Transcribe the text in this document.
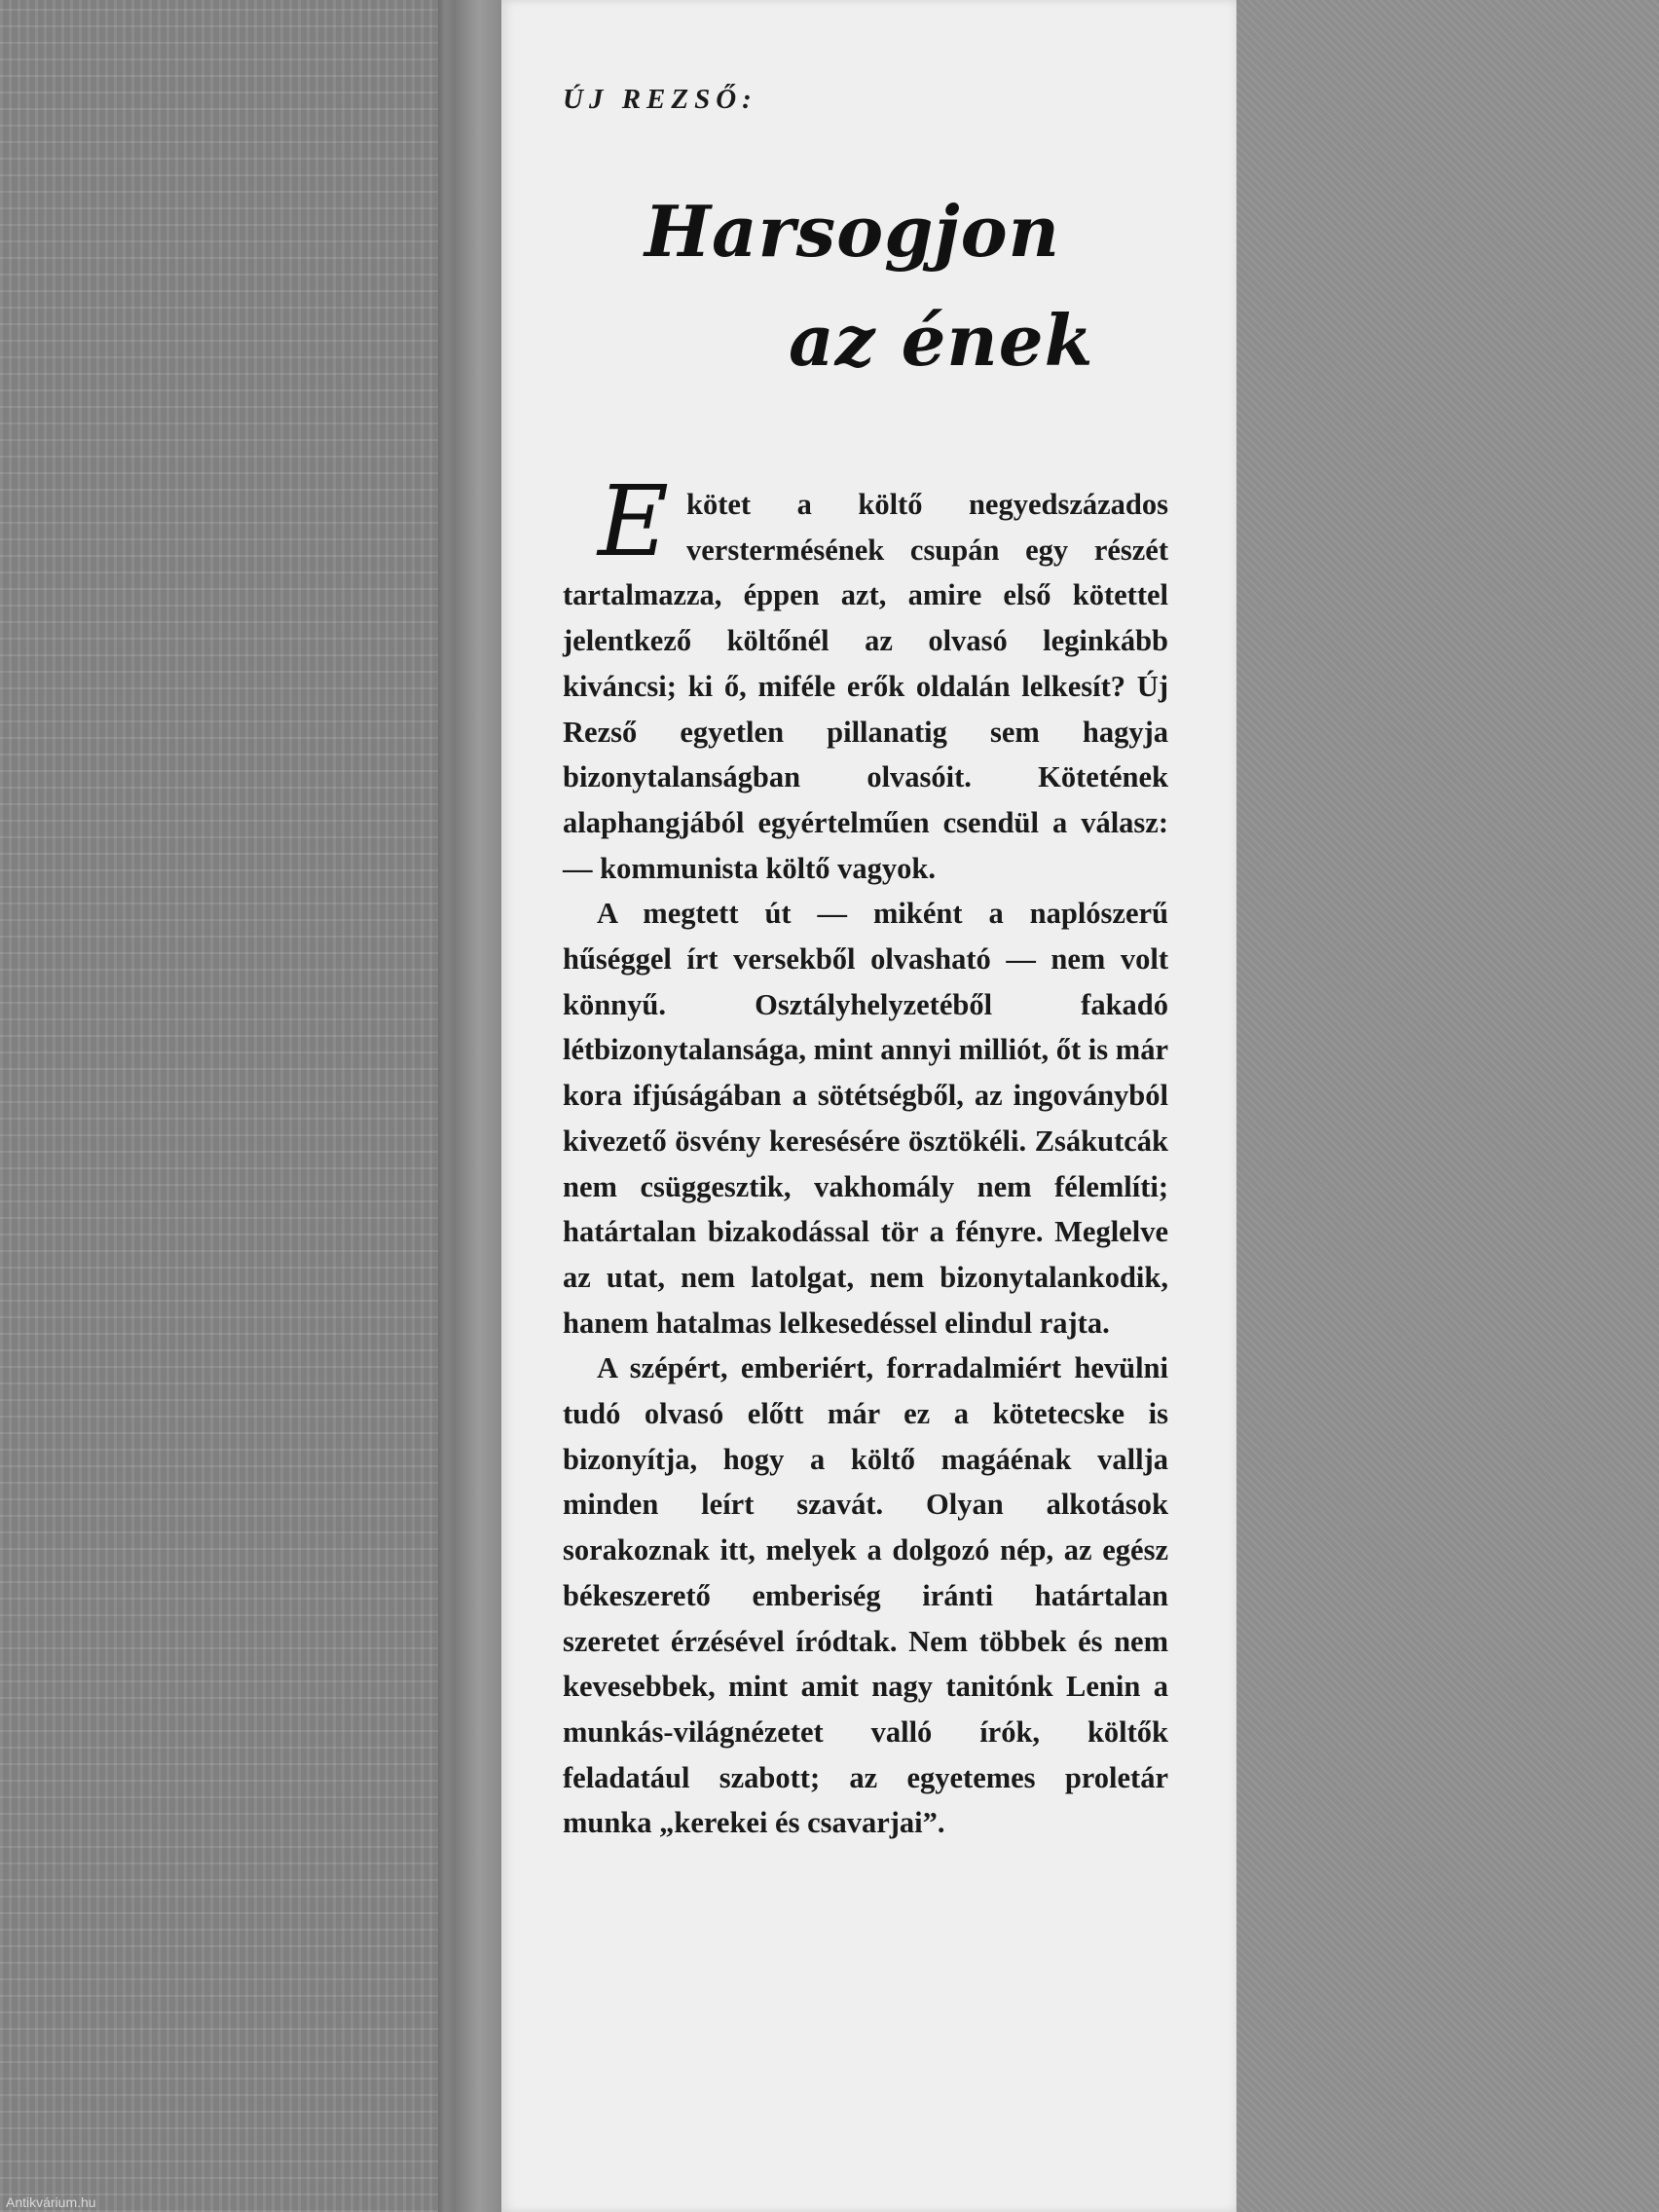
ÚJ REZSŐ:
Harsogjon
az ének

Ekötet a költő negyedszázados verstermésének csupán egy részét tartalmazza, éppen azt, amire első kötettel jelentkező költőnél az olvasó leginkább kiváncsi; ki ő, miféle erők oldalán lelkesít? Új Rezső egyetlen pillanatig sem hagyja bizonytalanságban olvasóit. Kötetének alaphangjából egyértelműen csendül a válasz: — kommunista költő vagyok.

A megtett út — miként a naplószerű hűséggel írt versekből olvasható — nem volt könnyű. Osztályhelyzetéből fakadó létbizonytalansága, mint annyi milliót, őt is már kora ifjúságában a sötétségből, az ingoványból kivezető ösvény keresésére ösztökéli. Zsákutcák nem csüggesztik, vakhomály nem félemlíti; határtalan bizakodással tör a fényre. Meglelve az utat, nem latolgat, nem bizonytalankodik, hanem hatalmas lelkesedéssel elindul rajta.

A szépért, emberiért, forradalmiért hevülni tudó olvasó előtt már ez a kötetecske is bizonyítja, hogy a költő magáénak vallja minden leírt szavát. Olyan alkotások sorakoznak itt, melyek a dolgozó nép, az egész békeszerető emberiség iránti határtalan szeretet érzésével íródtak. Nem többek és nem kevesebbek, mint amit nagy tanitónk Lenin a munkás-világnézetet valló írók, költők feladatául szabott; az egyetemes proletár munka „kerekei és csavarjai”.

Antikvárium.hu
